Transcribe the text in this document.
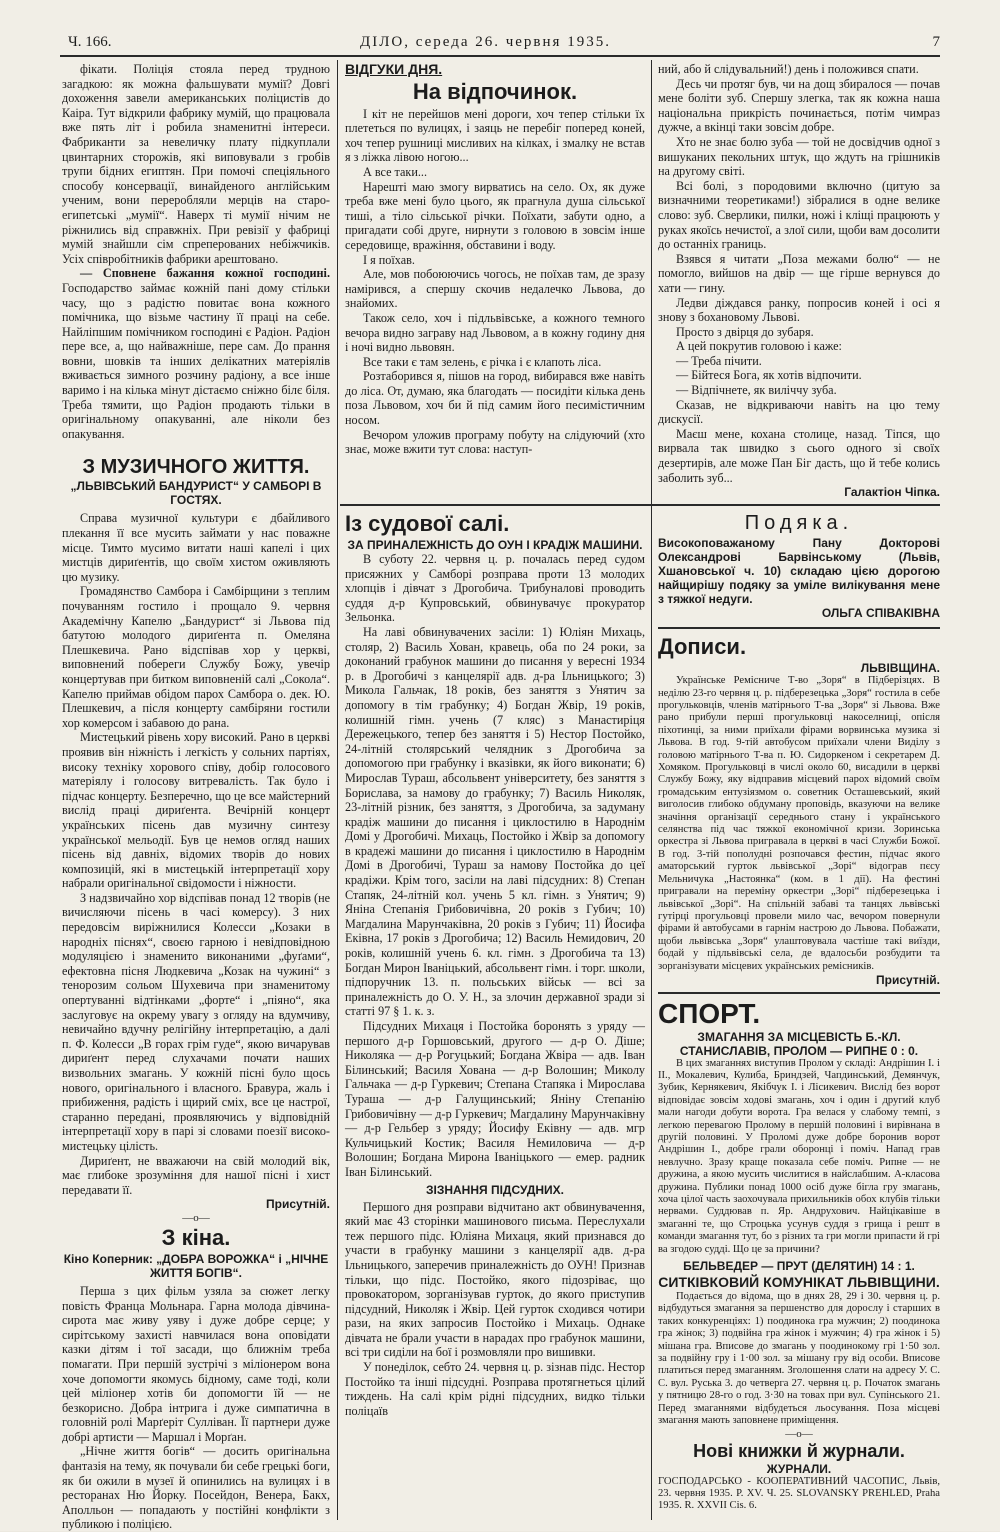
Ч. 166.	ДІЛО, середа 26. червня 1935.	7

фікати. Поліція стояла перед трудною загадкою: як можна фальшувати мумії? Довгі дохоження завели американських поліцистів до Каіра. Тут відкрили фабрику мумій, що працювала вже пять літ і робила знаменитні інтереси. Фабриканти за невеличку плату підкуплали цвинтарних сторожів, які виповували з гробів трупи бідних египтян. При помочі спеціяльного способу консервації, винайденого англійським ученим, вони переробляли мерців на старо-египетські „мумії“. Наверх ті мумії нічим не ріжнились від справжніх. При ревізії у фабриці мумій знайшли сім спреперованих небіжчиків. Усіх співробітників фабрики арештовано.

— Сповнене бажання кожної господині. Господарство займає кожній пані дому стільки часу, що з радістю повитає вона кожного помічника, що візьме частину її праці на себе. Найліпшим помічником господині є Радіон. Радіон пере все, а, що найважніше, пере сам. До прання вовни, шовків та інших делікатних матеріялів вживається зимного розчину радіону, а все інше варимо і на кілька мінут дістаємо сніжно білє біля. Треба тямити, що Радіон продають тільки в оригінальному опакуванні, але ніколи без опакування.

З МУЗИЧНОГО ЖИТТЯ.
„ЛЬВІВСЬКИЙ БАНДУРИСТ“ У САМБОРІ В ГОСТЯХ.

Справа музичної культури є дбайливого плекання її все мусить займати у нас поважне місце. Тимто мусимо витати наші капелі і цих мистців дириґентів, що своїм хистом оживляють цю музику.

Громадянство Самбора і Самбірщини з теплим почуванням гостило і прощало 9. червня Академічну Капелю „Бандурист“ зі Львова під батутою молодого дириґента п. Омеляна Плешкевича. Рано відспівав хор у церкві, виповнений побереги Службу Божу, увечір концертував при битком виповненій салі „Сокола“. Капелю приймав обідом парох Самбора о. дек. Ю. Плешкевич, а після концерту самбіряни гостили хор комерсом і забавою до рана.

Мистецький рівень хору високий. Рано в церкві проявив він ніжність і легкість у сольних партіях, високу техніку хорового співу, добір голосового матеріялу і голосову витревалість. Так було і підчас концерту. Безперечно, що це все майстерний вислід праці дириґента. Вечірній концерт українських пісень дав музичну синтезу української мельодії. Був це немов огляд наших пісень від давніх, відомих творів до нових композицій, які в мистецькій інтерпретації хору набрали оригінальної свідомости і ніжности.

З надзвичайно хор відспівав понад 12 творів (не вичисляючи пісень в часі комерсу). З них передовсім виріжнилися Колесси „Козаки в народніх піснях“, своєю гарною і невідповідною модуляцією і знаменито виконаними „фуґами“, ефектовна пісня Людкевича „Козак на чужині“ з тенорозим сольом Шухевича при знаменитому опертуванні відтінками „форте“ і „піяно“, яка заслуговує на окрему увагу з огляду на вдумчиву, невичайно вдучну релігійну інтерпретацію, а далі п. Ф. Колесси „В горах грім гуде“, якою вичарував дириґент перед слухачами почати наших визвольних змагань. У кожній пісні було щось нового, оригінального і власного. Бравура, жаль і прибиження, радість і щирий сміх, все це настрої, старанно передані, проявляючись у відповідній інтерпретації хору в парі зі словами поезії високо-мистецьку цілість.

Дириґент, не вважаючи на свій молодий вік, має глибоке зрозуміння для нашої пісні і хист передавати її.

Присутній.
—o—
З кіна.
Кіно Коперник: „ДОБРА ВОРОЖКА“ і „НІЧНЕ ЖИТТЯ БОГІВ“.

Перша з цих фільм узяла за сюжет легку повість Франца Мольнара. Гарна молода дівчина-сирота має живу уяву і дуже добре серце; у сирітському захисті навчилася вона оповідати казки дітям і тої засади, що ближнім треба помагати. При першій зустрічі з міліонером вона хоче допомогти якомусь бідному, саме тоді, коли цей міліонер хотів би допомогти їй — не безкорисно. Добра інтрига і дуже симпатична в головній ролі Марґеріт Сулліван. Її партнери дуже добрі артисти — Маршал і Морґан.

„Нічне життя богів“ — досить оригінальна фантазія на тему, як почували би себе грецькі боги, як би ожили в музеї й опинились на вулицях і в ресторанах Ню Йорку. Посейдон, Венера, Бакх, Аполльон — попадають у постійні конфлікти з публикою і поліцією.

ВІДГУКИ ДНЯ.
На відпочинок.

І кіт не перейшов мені дороги, хоч тепер стільки їх плететься по вулицях, і заяць не перебіг поперед коней, хоч тепер рушниці мисливих на кілках, і змалку не встав я з ліжка лівою ногою...

А все таки...

Нарешті маю змогу вирватись на село. Ох, як дуже треба вже мені було цього, як прагнула душа сільської тиші, а тіло сільської річки. Поїхати, забути одно, а пригадати собі друге, нирнути з головою в зовсім інше середовище, вражіння, обставини і воду.

І я поїхав.

Але, мов побоюючись чогось, не поїхав там, де зразу намірився, а спершу скочив недалечко Львова, до знайомих.

Також село, хоч і підльвівське, а кожного темного вечора видно заграву над Львовом, а в кожну годину дня і ночі видно львовян.

Все таки є там зелень, є річка і є клапоть ліса.

Розтаборився я, пішов на город, вибирався вже навіть до ліса. От, думаю, яка благодать — посидіти кілька день поза Львовом, хоч би й під самим його песимістичним носом.

Вечором уложив програму побуту на слідуючий (хто знає, може вжити тут слова: наступ-

Із судової салі.
ЗА ПРИНАЛЕЖНІСТЬ ДО ОУН І КРАДІЖ МАШИНИ.

В суботу 22. червня ц. р. почалась перед судом присяжних у Самборі розправа проти 13 молодих хлопців і дівчат з Дрогобича. Трибуналові проводить суддя д-р Купровський, обвинувачує прокуратор Зельонка.

На лаві обвинувачених засіли: 1) Юліян Михаць, столяр, 2) Василь Хован, кравець, оба по 24 роки, за доконаний грабунок машини до писання у вересні 1934 р. в Дрогобичі з канцелярії адв. д-ра Ільницького; 3) Микола Гальчак, 18 років, без заняття з Унятич за допомогу в тім грабунку; 4) Богдан Жвір, 19 років, колишній гімн. учень (7 кляс) з Манастиріця Дережецького, тепер без заняття і 5) Нестор Постойко, 24-літній столярський челядник з Дрогобича за допомогою при грабунку і вказівки, як його виконати; 6) Мирослав Тураш, абсольвент університету, без заняття з Борислава, за намову до грабунку; 7) Василь Николяк, 23-літній різник, без заняття, з Дрогобича, за задуману крадіж машини до писання і циклостилю в Народнім Домі у Дрогобичі. Михаць, Постойко і Жвір за допомогу в крадежі машини до писання і циклостилю в Народнім Домі в Дрогобичі, Тураш за намову Постойка до цеї крадіжи. Крім того, засіли на лаві підсудних: 8) Степан Стапяк, 24-літній кол. учень 5 кл. гімн. з Унятич; 9) Яніна Степанія Грибовичівна, 20 років з Губич; 10) Магдалина Марунчаківна, 20 років з Губич; 11) Йосифа Еківна, 17 років з Дрогобича; 12) Василь Немидович, 20 років, колишній учень 6. кл. гімн. з Дрогобича та 13) Богдан Мирон Іваніцький, абсольвент гімн. і торг. школи, підпоручник 13. п. польських військ — всі за приналежність до О. У. Н., за злочин державної зради зі статті 97 § 1. к. з.

Підсудних Михаця і Постойка боронять з уряду — першого д-р Горшовський, другого — д-р О. Діше; Николяка — д-р Рогуцький; Богдана Жвіра — адв. Іван Білинський; Василя Хована — д-р Волошин; Миколу Гальчака — д-р Гуркевич; Степана Стапяка і Мирослава Тураша — д-р Галущинський; Яніну Степанію Грибовичівну — д-р Гуркевич; Магдалину Марунчаківну — д-р Гельбер з уряду; Йосифу Еківну — адв. мгр Кульчицький Костик; Василя Немиловича — д-р Волошин; Богдана Мирона Іваніцького — емер. радник Іван Білинський.

ЗІЗНАННЯ ПІДСУДНИХ.

Першого дня розправи відчитано акт обвинувачення, який має 43 сторінки машинового письма. Переслухали теж першого підс. Юліяна Михаця, який признався до участи в грабунку машини з канцелярії адв. д-ра Ільницького, заперечив приналежність до ОУН! Признав тільки, що підс. Постойко, якого підозріває, що провокатором, зорганізував гурток, до якого приступив підсудний, Николяк і Жвір. Цей гурток сходився чотири рази, на яких запросив Постойко і Михаць. Однаке дівчата не брали участи в нарадах про грабунок машини, всі три сиділи на бої і розмовляли про вишивки.

У понеділок, себто 24. червня ц. р. зізнав підс. Нестор Постойко та інші підсудні. Розправа протягнеться цілий тиждень. На салі крім рідні підсудних, видко тільки поліцаїв

ний, або й слідувальний!) день і положився спати.

Десь чи протяг був, чи на дощ збиралося — почав мене боліти зуб. Спершу злегка, так як кожна наша національна прикрість починається, потім чимраз дужче, а вкінці таки зовсім добре.

Хто не знає болю зуба — той не досвідчив одної з вишуканих пекольних штук, що ждуть на грішників на другому світі.

Всі болі, з породовими включно (цитую за визначними теоретиками!) зібралися в одне велике слово: зуб. Сверлики, пилки, ножі і кліщі працюють у руках якоїсь нечистої, а злої сили, щоби вам досолити до останніх границь.

Взявся я читати „Поза межами болю“ — не помогло, вийшов на двір — ще гірше вернувся до хати — гину.

Ледви діждався ранку, попросив коней і осі я знову з бохановому Львові.

Просто з двірця до зубаря.

А цей покрутив головою і каже:

— Треба пічити.

— Бійтеся Бога, як хотів відпочити.

— Відпічнете, як виліччу зуба.

Сказав, не відкриваючи навіть на цю тему дискусії.

Маєш мене, кохана столице, назад. Тіпся, що вирвала так швидко з сього одного зі своїх дезертирів, але може Пан Біг дасть, що й тебе колись заболить зуб...

Галактіон Чіпка.
Подяка.
Високоповажаному Пану Докторові Олександрові Барвінському (Львів, Хшановської ч. 10) складаю цією дорогою найщирішу подяку за уміле вилікування мене з тяжкої недуги.
ОЛЬГА СПІВАКІВНА
Дописи.
ЛЬВІВЩИНА.
Українське Ремісниче Т-во „Зоря“ в Підберізцях. В неділю 23-го червня ц. р. підберезецька „Зоря“ гостила в себе прогульковців, членів матірнього Т-ва „Зоря“ зі Львова. Вже рано прибули перші прогульковці накоселниці, опісля піхотинці, за ними приїхали фірами ворвинська музика зі Львова. В год. 9-тій автобусом приїхали члени Виділу з головою матірнього Т-ва п. Ю. Сидоркеном і секретарем Д. Хомяком. Прогульковці в числі около 60, висадили в церкві Службу Божу, яку відправив місцевий парох відомий своїм громадським ентузіязмом о. советник Осташевський, який виголосив глибоко обдуману проповідь, вказуючи на велике значіння організації середнього стану і українського селянства під час тяжкої економічної кризи. Зоринська оркестра зі Львова пригравала в церкві в часі Служби Божої. В год. 3-тій пополудні розпочався фестин, підчас якого аматорський гурток львівської „Зорі“ відограв пєсу Мельничука „Настоянка“ (ком. в 1 дії). На фестині пригравали на переміну оркестри „Зорі“ підберезецька і львівської „Зорі“. На спільній забаві та танцях львівські гутірці прогульовці провели мило час, вечором повернули фірами й автобусами в гарнім настрою до Львова. Побажати, щоби львівська „Зоря“ улаштовувала частіше такі виїзди, бодай у підльвівські села, де вдалосьби розбудити та зорганізувати місцевих українських ремісників.
Присутній.
СПОРТ.
ЗМАГАННЯ ЗА МІСЦЕВІСТЬ Б.-КЛ. СТАНИСЛАВІВ, ПРОЛОМ — РИПНЕ 0 : 0.
В цих змаганнях виступив Пролом у складі: Андрішин І. і II., Мокалевич, Кулиба, Бриндзей, Чапдинський, Демянчук, Зубик, Кернякевич, Якібчук І. і Лісикевич. Вислід без ворот відповідає зовсім ходові змагань, хоч і один і другий клуб мали нагоди добути ворота. Гра велася у слабому темпі, з легкою перевагою Пролому в першій половині і вирівнана в другій половині. У Проломі дуже добре боронив ворот Андрішин І., добре грали оборонці і поміч. Напад грав невлучно. Зразу краще показала себе поміч. Рипне — не дружина, а якою мусить числитися в найслабшим. А-класова дружина. Публики понад 1000 осіб дуже бігла гру змагань, хоча цілої часть заохочувала прихильників обох клубів тільки нервами. Суддював п. Яр. Андрухович. Найцікавіше в змаганні те, що Строцька усунув суддя з грища і решт в команди змагання тут, бо з різних та гри могли припасти й грі ва згодою судді. Що це за причини?
БЕЛЬВЕДЕР — ПРУТ (ДЕЛЯТИН) 14 : 1.
СИТКІВКОВИЙ КОМУНІКАТ ЛЬВІВЩИНИ.
Подається до відома, що в днях 28, 29 і 30. червня ц. р. відбудуться змагання за першенство для дорослу і старших в таких конкуренціях: 1) поодинока гра мужчин; 2) поодинока гра жінок; 3) подвійна гра жінок і мужчин; 4) гра жінок і 5) мішана гра. Вписове до змагань у поодинокому грі 1·50 зол. за подвійну гру і 1·00 зол. за мішану гру від особи. Вписове платиться перед змаганням. Зголошення слати на адресу У. С. С. вул. Руська 3. до четверга 27. червня ц. р. Початок змагань у пятницю 28-го о год. 3·30 на товах при вул. Супінського 21. Перед змаганнями відбудеться льосування. Поза місцеві змагання мають заповнене приміщення.
—o—
Нові книжки й журнали.
ЖУРНАЛИ.
ГОСПОДАРСЬКО - КООПЕРАТИВНИЙ ЧАСОПИС, Львів, 23. червня 1935. Р. XV. Ч. 25. SLOVANSKY PRЕHLED, Praha 1935. R. XXVII Cis. 6.
